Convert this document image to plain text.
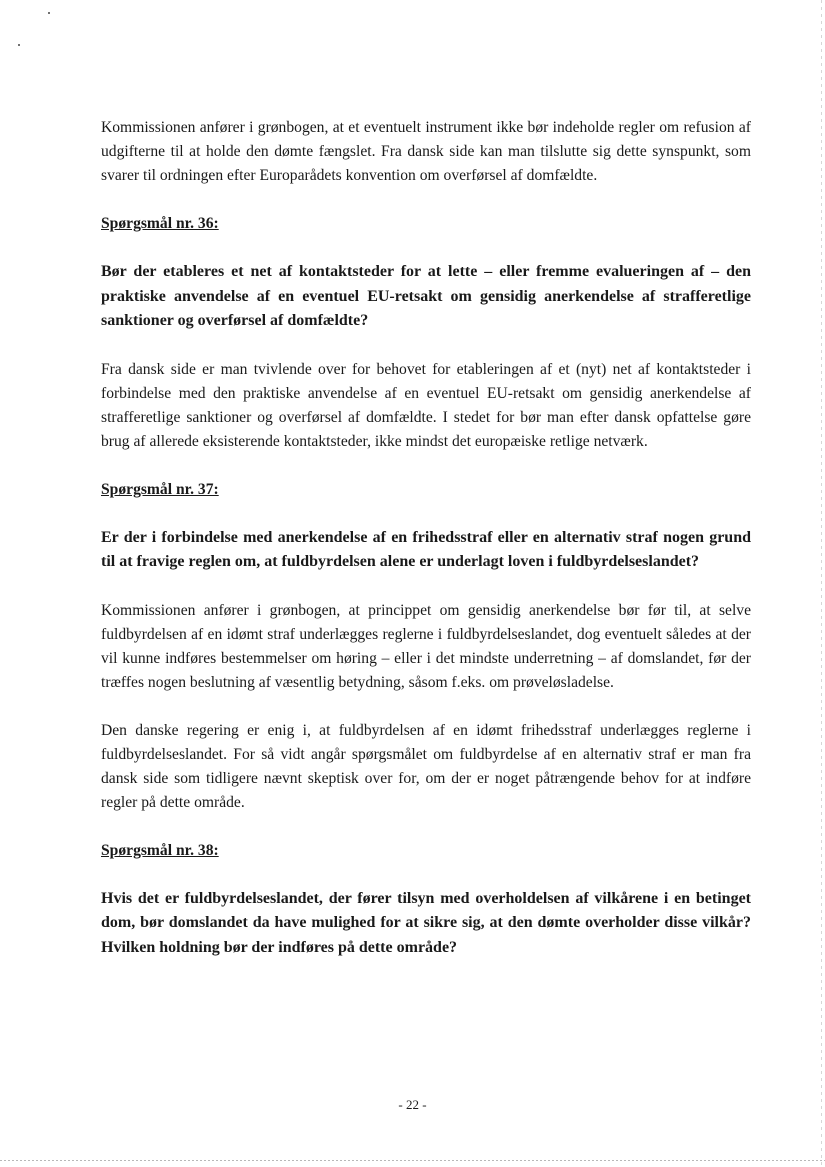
Kommissionen anfører i grønbogen, at et eventuelt instrument ikke bør indeholde regler om refusion af udgifterne til at holde den dømte fængslet. Fra dansk side kan man tilslutte sig dette synspunkt, som svarer til ordningen efter Europarådets konvention om overførsel af domfældte.

Spørgsmål nr. 36:

Bør der etableres et net af kontaktsteder for at lette – eller fremme evalueringen af – den praktiske anvendelse af en eventuel EU-retsakt om gensidig anerkendelse af strafferetlige sanktioner og overførsel af domfældte?

Fra dansk side er man tvivlende over for behovet for etableringen af et (nyt) net af kontaktsteder i forbindelse med den praktiske anvendelse af en eventuel EU-retsakt om gensidig anerkendelse af strafferetlige sanktioner og overførsel af domfældte. I stedet for bør man efter dansk opfattelse gøre brug af allerede eksisterende kontaktsteder, ikke mindst det europæiske retlige netværk.

Spørgsmål nr. 37:

Er der i forbindelse med anerkendelse af en frihedsstraf eller en alternativ straf nogen grund til at fravige reglen om, at fuldbyrdelsen alene er underlagt loven i fuldbyrdelseslandet?

Kommissionen anfører i grønbogen, at princippet om gensidig anerkendelse bør før til, at selve fuldbyrdelsen af en idømt straf underlægges reglerne i fuldbyrdelseslandet, dog eventuelt således at der vil kunne indføres bestemmelser om høring – eller i det mindste underretning – af domslandet, før der træffes nogen beslutning af væsentlig betydning, såsom f.eks. om prøveløsladelse.

Den danske regering er enig i, at fuldbyrdelsen af en idømt frihedsstraf underlægges reglerne i fuldbyrdelseslandet. For så vidt angår spørgsmålet om fuldbyrdelse af en alternativ straf er man fra dansk side som tidligere nævnt skeptisk over for, om der er noget påtrængende behov for at indføre regler på dette område.

Spørgsmål nr. 38:

Hvis det er fuldbyrdelseslandet, der fører tilsyn med overholdelsen af vilkårene i en betinget dom, bør domslandet da have mulighed for at sikre sig, at den dømte overholder disse vilkår? Hvilken holdning bør der indføres på dette område?

- 22 -
